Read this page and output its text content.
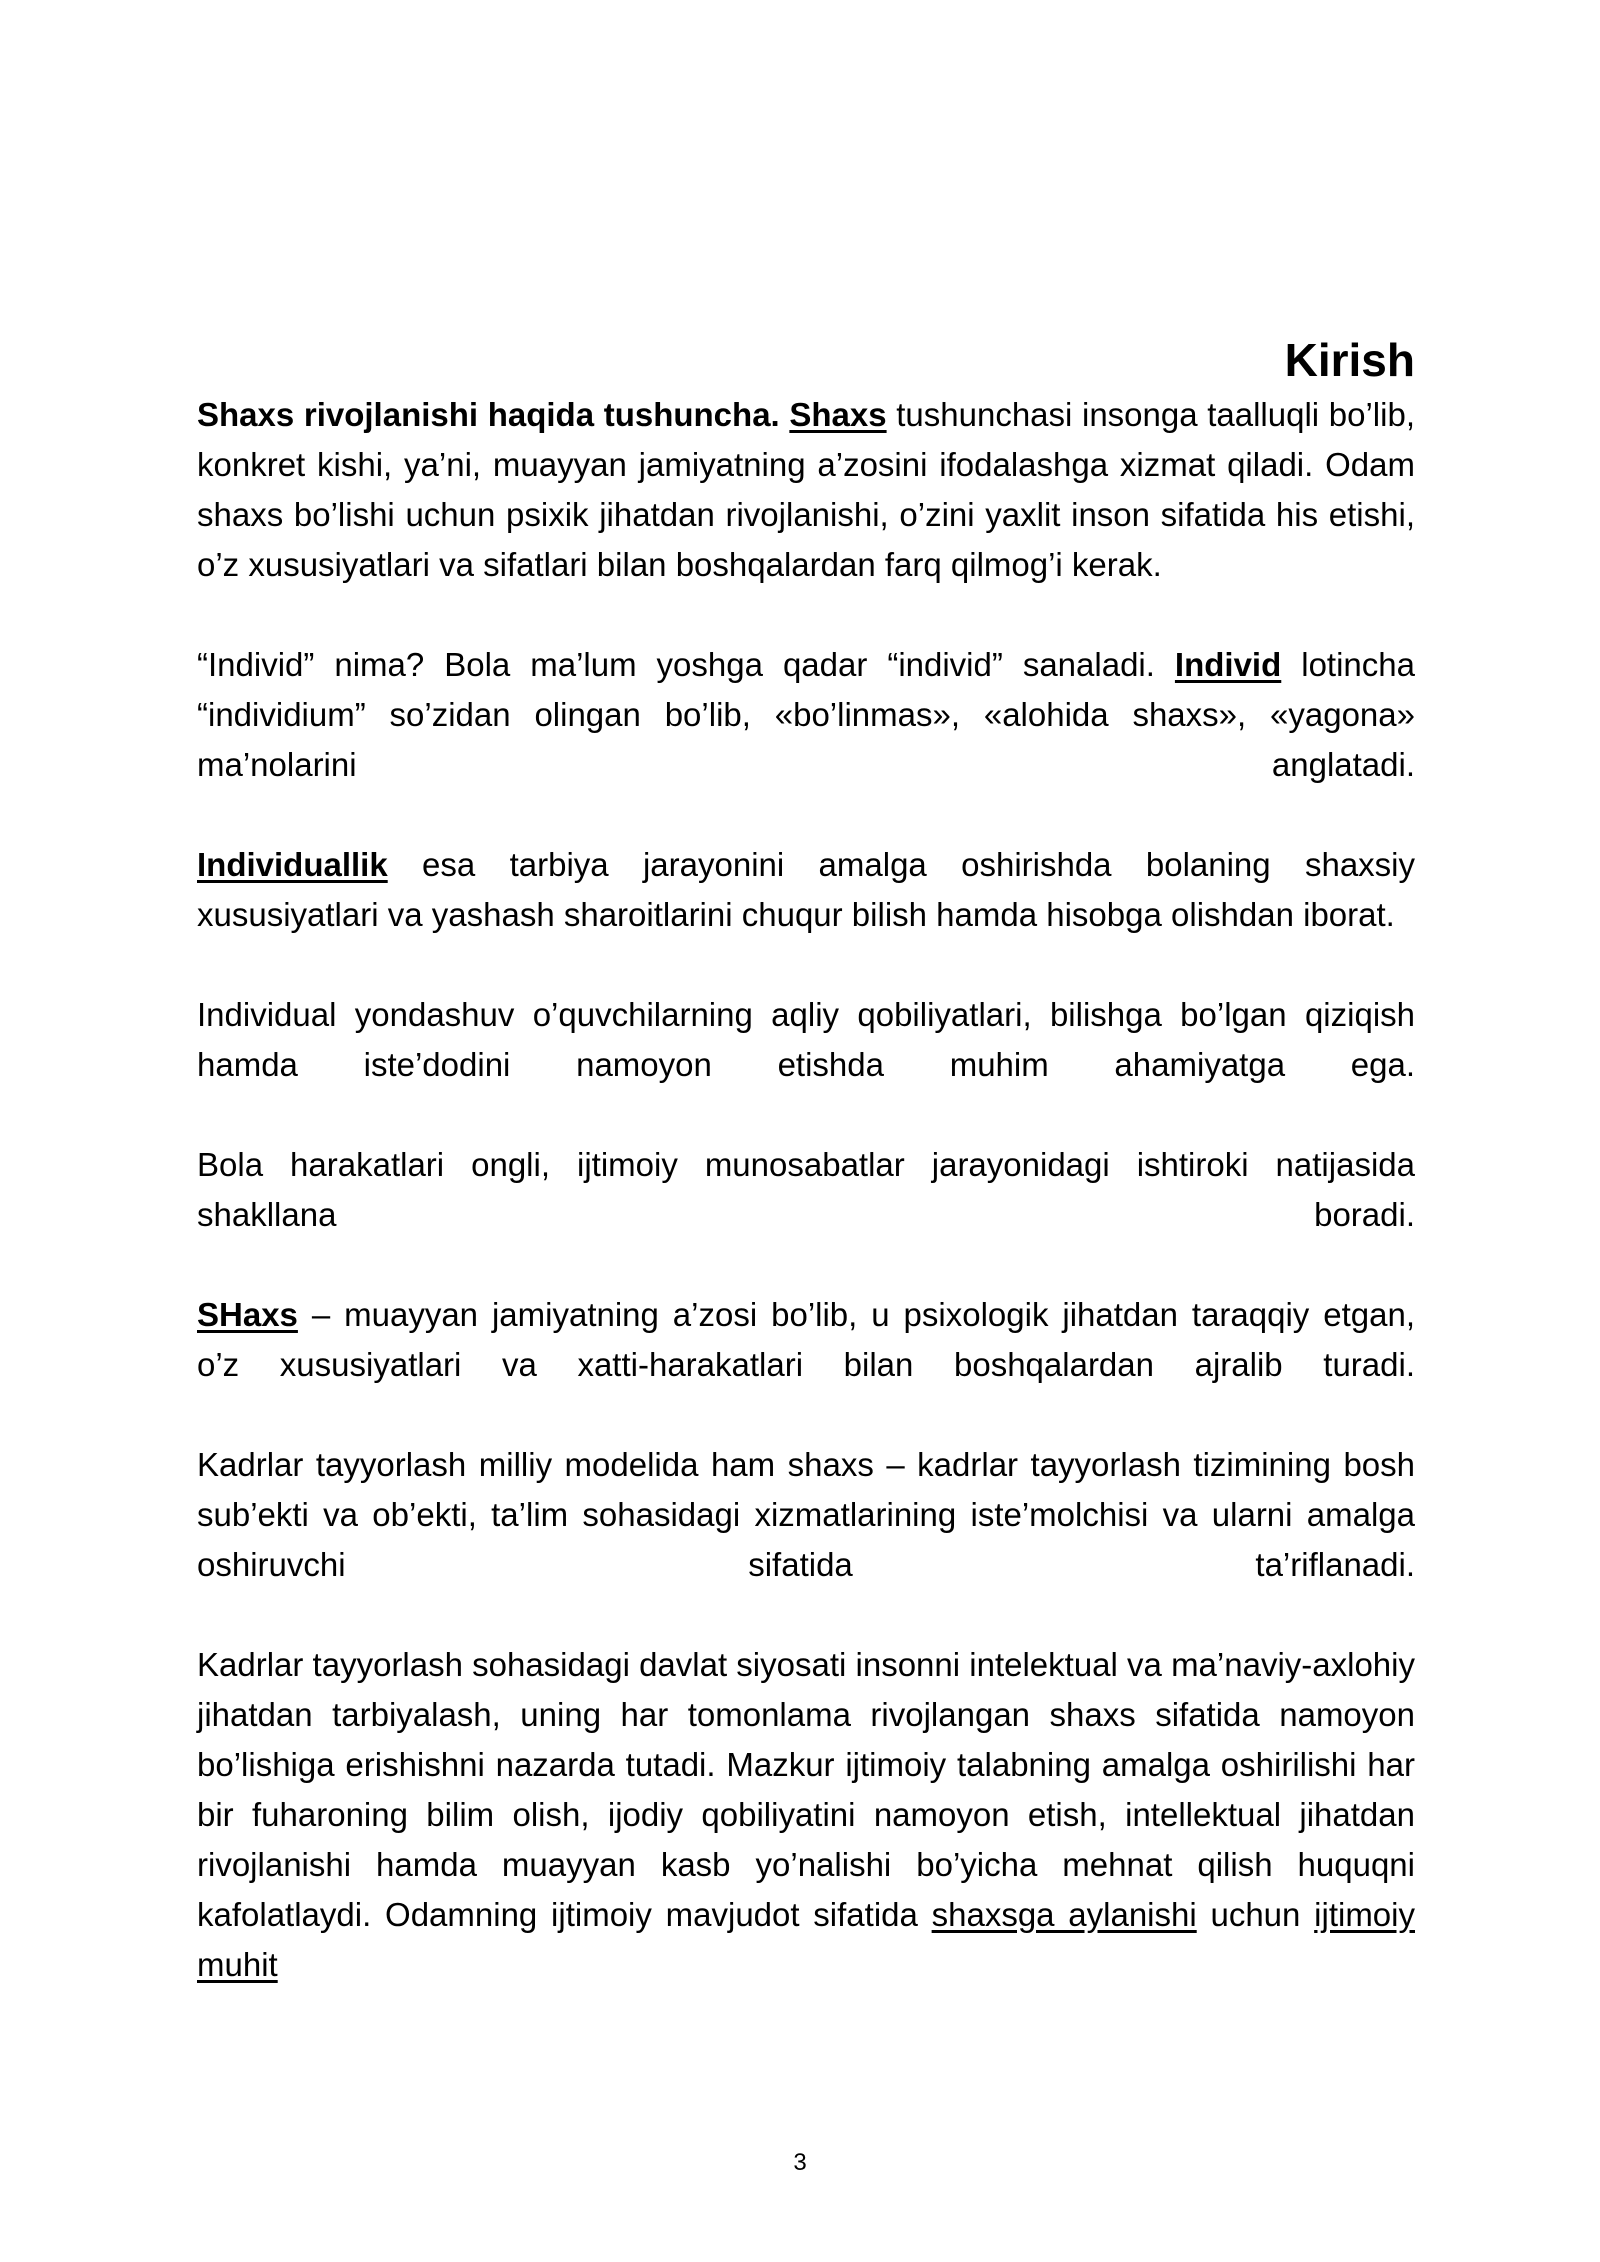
Kirish

Shaxs rivojlanishi haqida tushuncha. Shaxs tushunchasi insonga taalluqli bo’lib, konkret kishi, ya’ni, muayyan jamiyatning a’zosini ifodalashga xizmat qiladi. Odam shaxs bo’lishi uchun psixik jihatdan rivojlanishi, o’zini yaxlit inson sifatida his etishi, o’z xususiyatlari va sifatlari bilan boshqalardan farq qilmog’i kerak.

“Individ” nima? Bola ma’lum yoshga qadar “individ” sanaladi. Individ lotincha “individium” so’zidan olingan bo’lib, «bo’linmas», «alohida shaxs», «yagona» ma’nolarini anglatadi.

Individuallik esa tarbiya jarayonini amalga oshirishda bolaning shaxsiy xususiyatlari va yashash sharoitlarini chuqur bilish hamda hisobga olishdan iborat.

Individual yondashuv o’quvchilarning aqliy qobiliyatlari, bilishga bo’lgan qiziqish hamda iste’dodini namoyon etishda muhim ahamiyatga ega.

Bola harakatlari ongli, ijtimoiy munosabatlar jarayonidagi ishtiroki natijasida shakllana boradi.

SHaxs – muayyan jamiyatning a’zosi bo’lib, u psixologik jihatdan taraqqiy etgan, o’z xususiyatlari va xatti-harakatlari bilan boshqalardan ajralib turadi.

Kadrlar tayyorlash milliy modelida ham shaxs – kadrlar tayyorlash tizimining bosh sub’ekti va ob’ekti, ta’lim sohasidagi xizmatlarining iste’molchisi va ularni amalga oshiruvchi sifatida ta’riflanadi.

Kadrlar tayyorlash sohasidagi davlat siyosati insonni intelektual va ma’naviy-axlohiy jihatdan tarbiyalash, uning har tomonlama rivojlangan shaxs sifatida namoyon bo’lishiga erishishni nazarda tutadi. Mazkur ijtimoiy talabning amalga oshirilishi har bir fuharoning bilim olish, ijodiy qobiliyatini namoyon etish, intellektual jihatdan rivojlanishi hamda muayyan kasb yo’nalishi bo’yicha mehnat qilish huquqni kafolatlaydi. Odamning ijtimoiy mavjudot sifatida shaxsga aylanishi uchun ijtimoiy muhit

3
